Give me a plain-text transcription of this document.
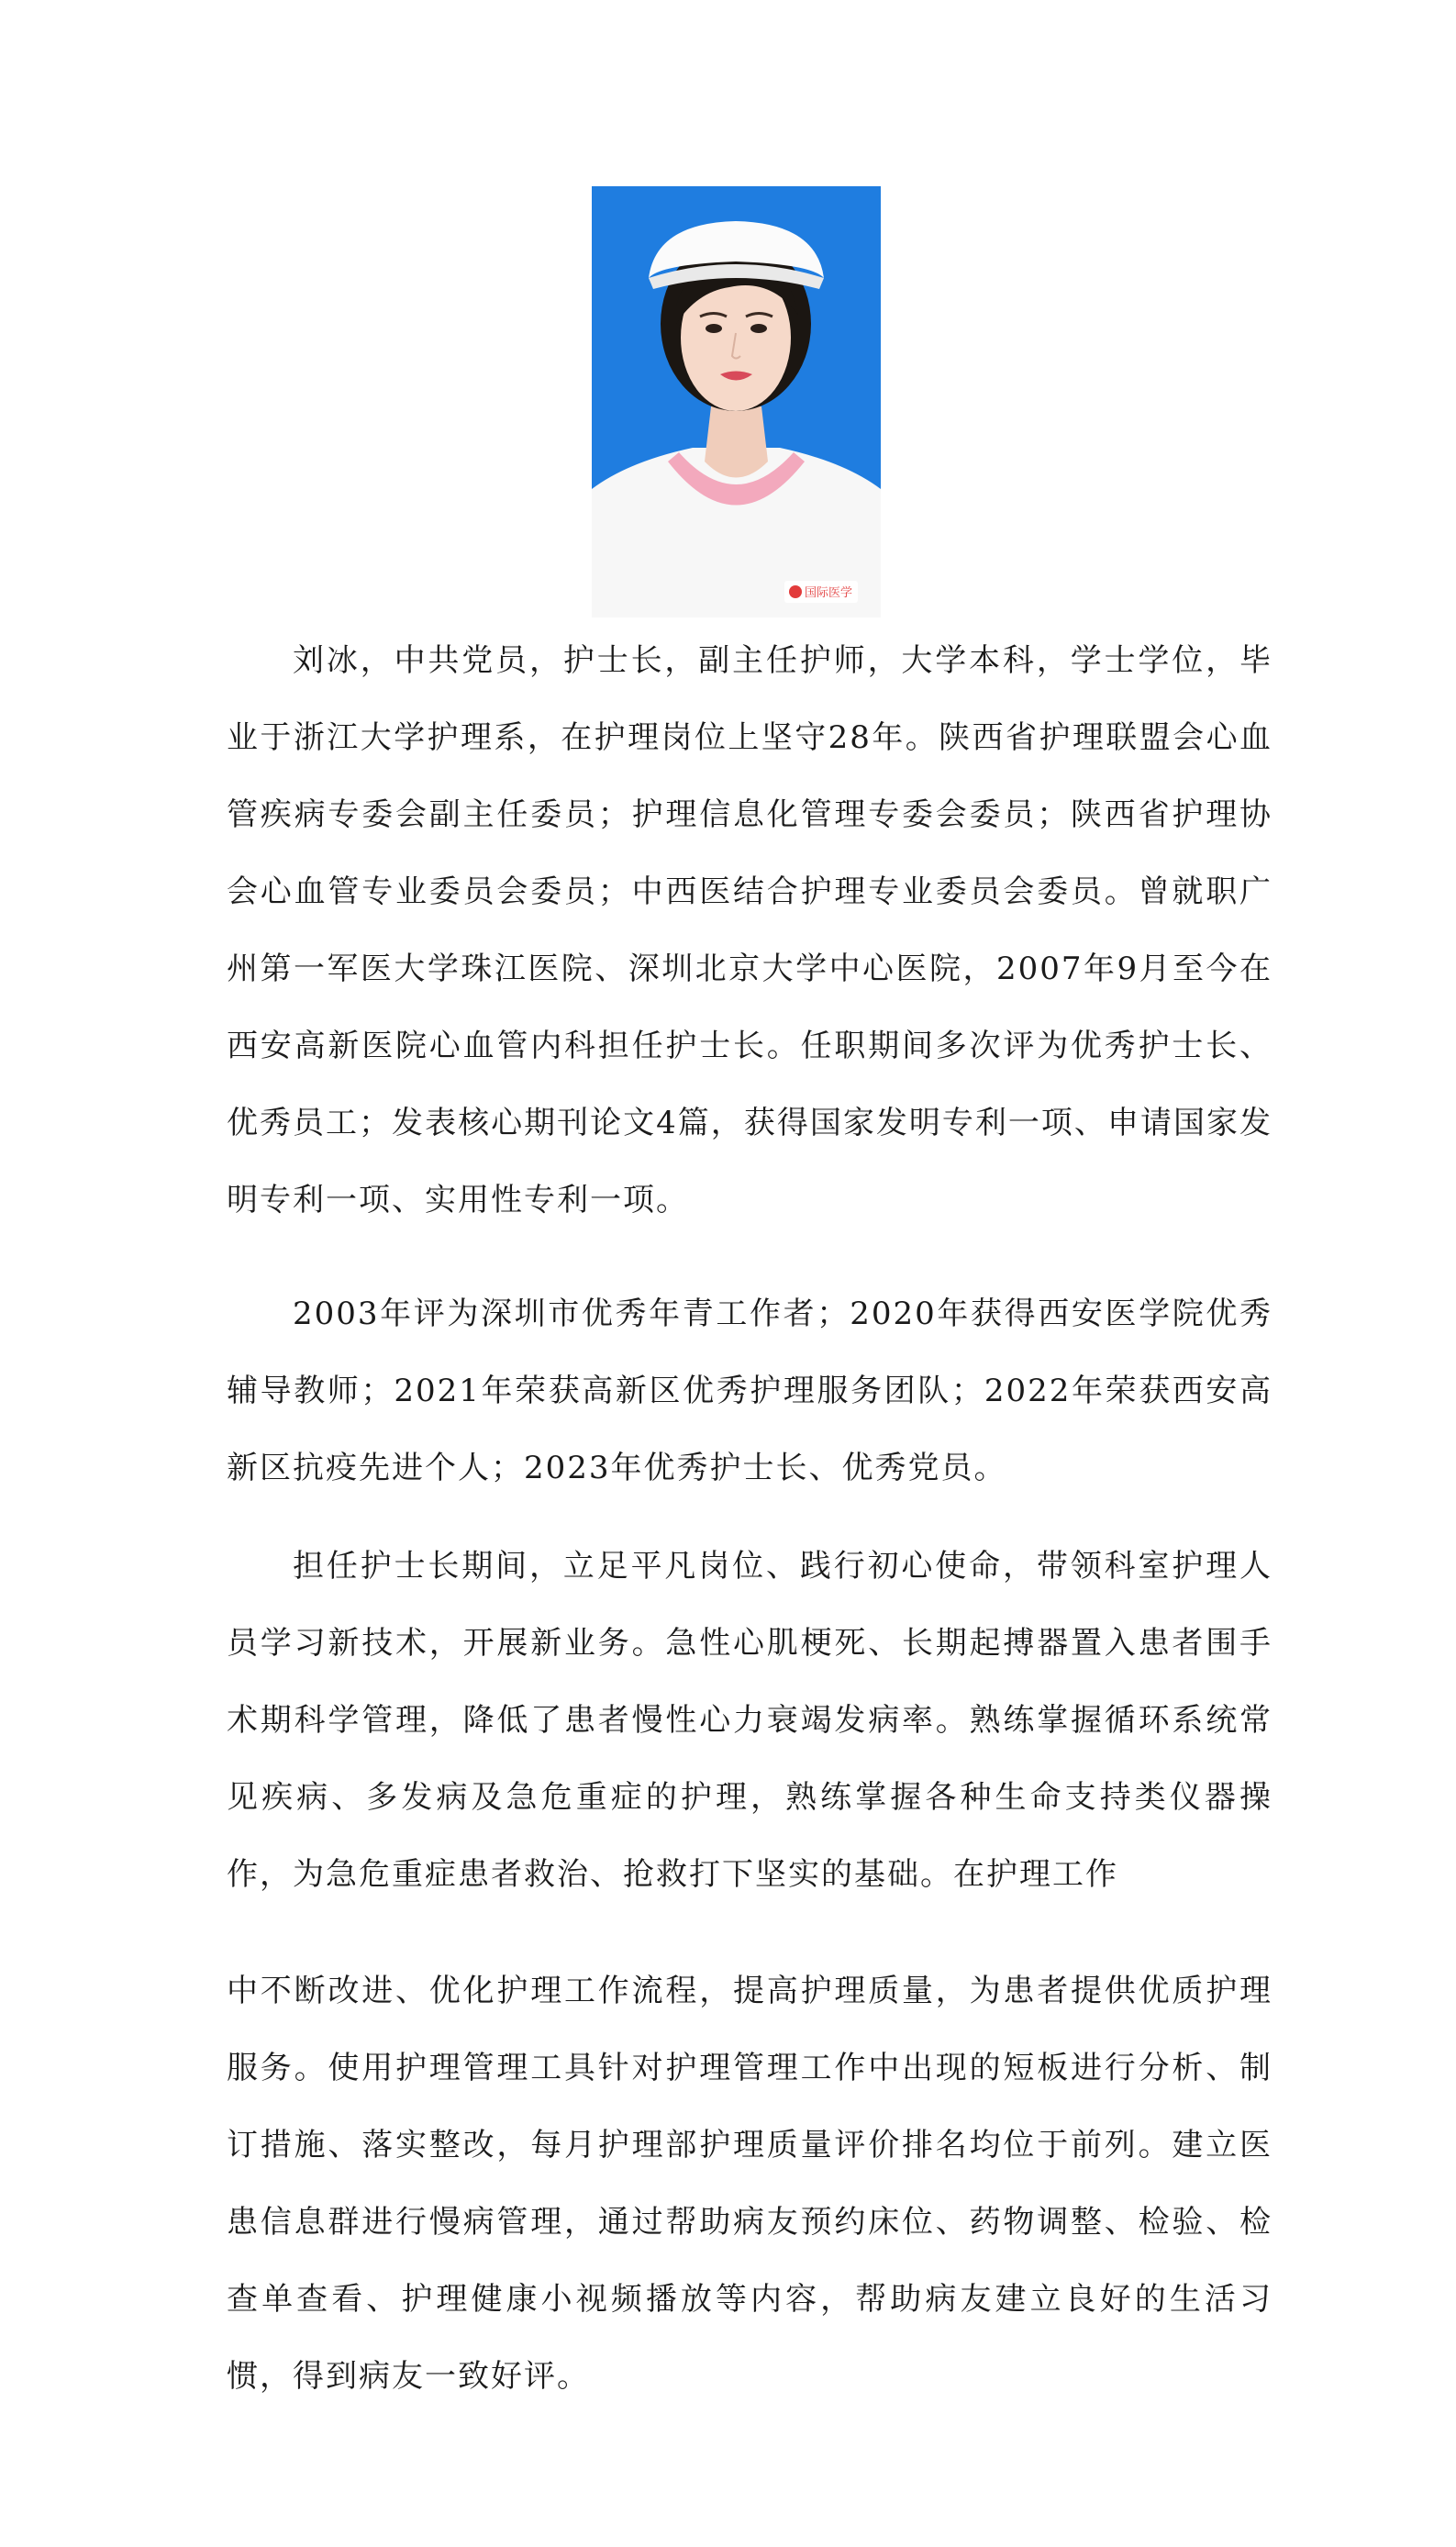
国际医学

刘冰，中共党员，护士长，副主任护师，大学本科，学士学位，毕业于浙江大学护理系，在护理岗位上坚守28年。陕西省护理联盟会心血管疾病专委会副主任委员；护理信息化管理专委会委员；陕西省护理协会心血管专业委员会委员；中西医结合护理专业委员会委员。曾就职广州第一军医大学珠江医院、深圳北京大学中心医院，2007年9月至今在西安高新医院心血管内科担任护士长。任职期间多次评为优秀护士长、优秀员工；发表核心期刊论文4篇，获得国家发明专利一项、申请国家发明专利一项、实用性专利一项。

2003年评为深圳市优秀年青工作者；2020年获得西安医学院优秀辅导教师；2021年荣获高新区优秀护理服务团队；2022年荣获西安高新区抗疫先进个人；2023年优秀护士长、优秀党员。

担任护士长期间，立足平凡岗位、践行初心使命，带领科室护理人员学习新技术，开展新业务。急性心肌梗死、长期起搏器置入患者围手术期科学管理，降低了患者慢性心力衰竭发病率。熟练掌握循环系统常见疾病、多发病及急危重症的护理，熟练掌握各种生命支持类仪器操作，为急危重症患者救治、抢救打下坚实的基础。在护理工作

中不断改进、优化护理工作流程，提高护理质量，为患者提供优质护理服务。使用护理管理工具针对护理管理工作中出现的短板进行分析、制订措施、落实整改，每月护理部护理质量评价排名均位于前列。建立医患信息群进行慢病管理，通过帮助病友预约床位、药物调整、检验、检查单查看、护理健康小视频播放等内容，帮助病友建立良好的生活习惯，得到病友一致好评。
